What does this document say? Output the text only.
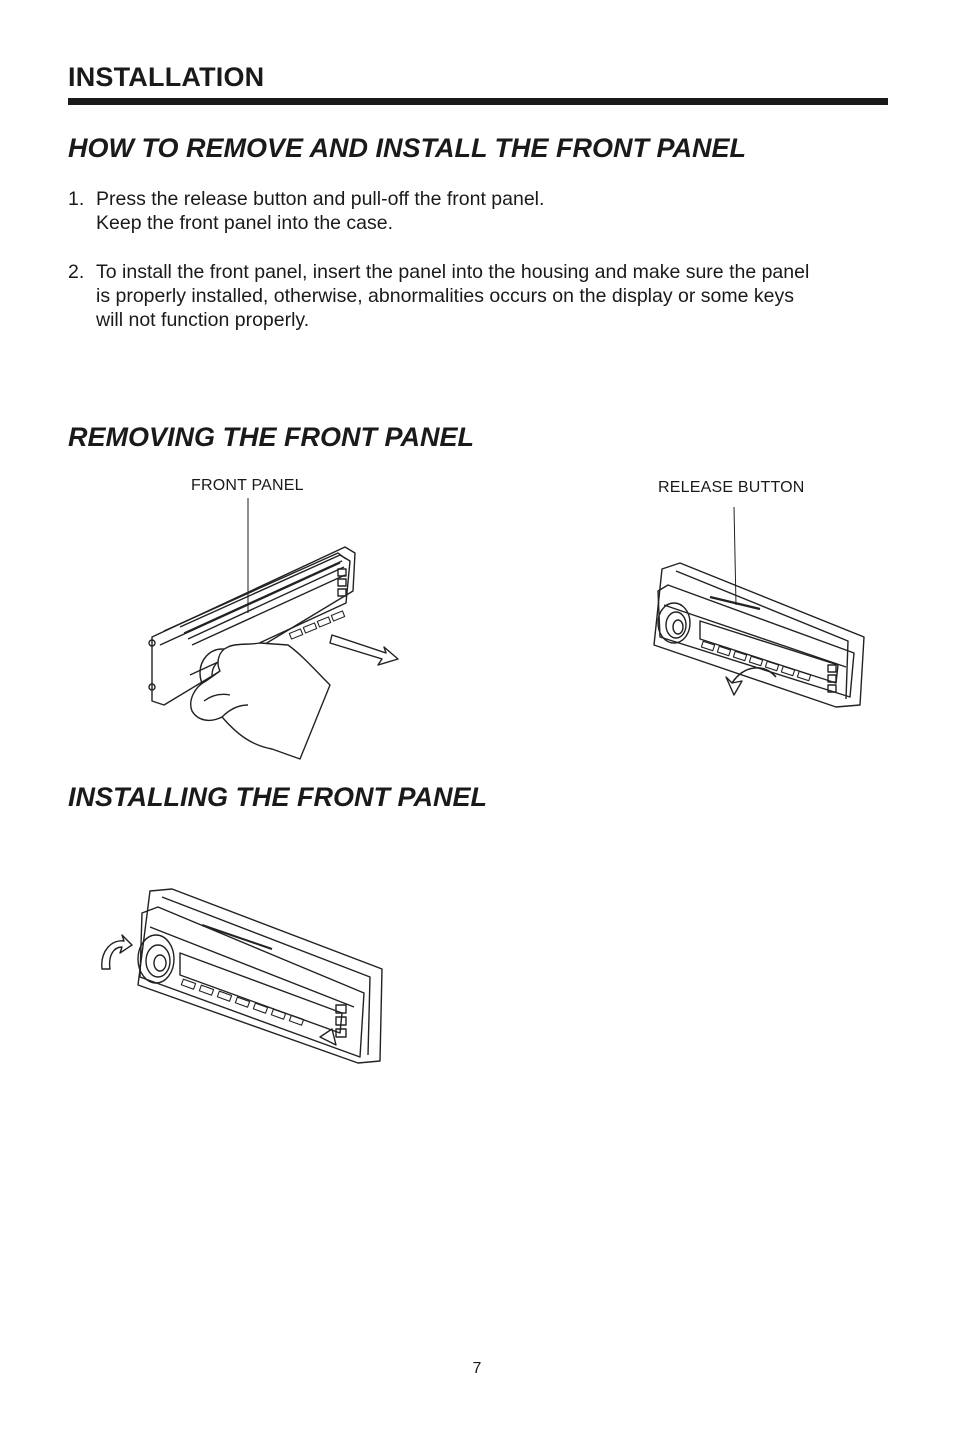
INSTALLATION
HOW TO REMOVE AND INSTALL THE FRONT PANEL
1. Press the release button and pull-off the front panel.
Keep the front panel into the case.
2. To install the front panel, insert the panel into the housing and make sure the panel
is properly installed, otherwise, abnormalities occurs on the display or some keys
will not function properly.
REMOVING THE FRONT PANEL
FRONT PANEL	RELEASE BUTTON
INSTALLING THE FRONT PANEL
7
